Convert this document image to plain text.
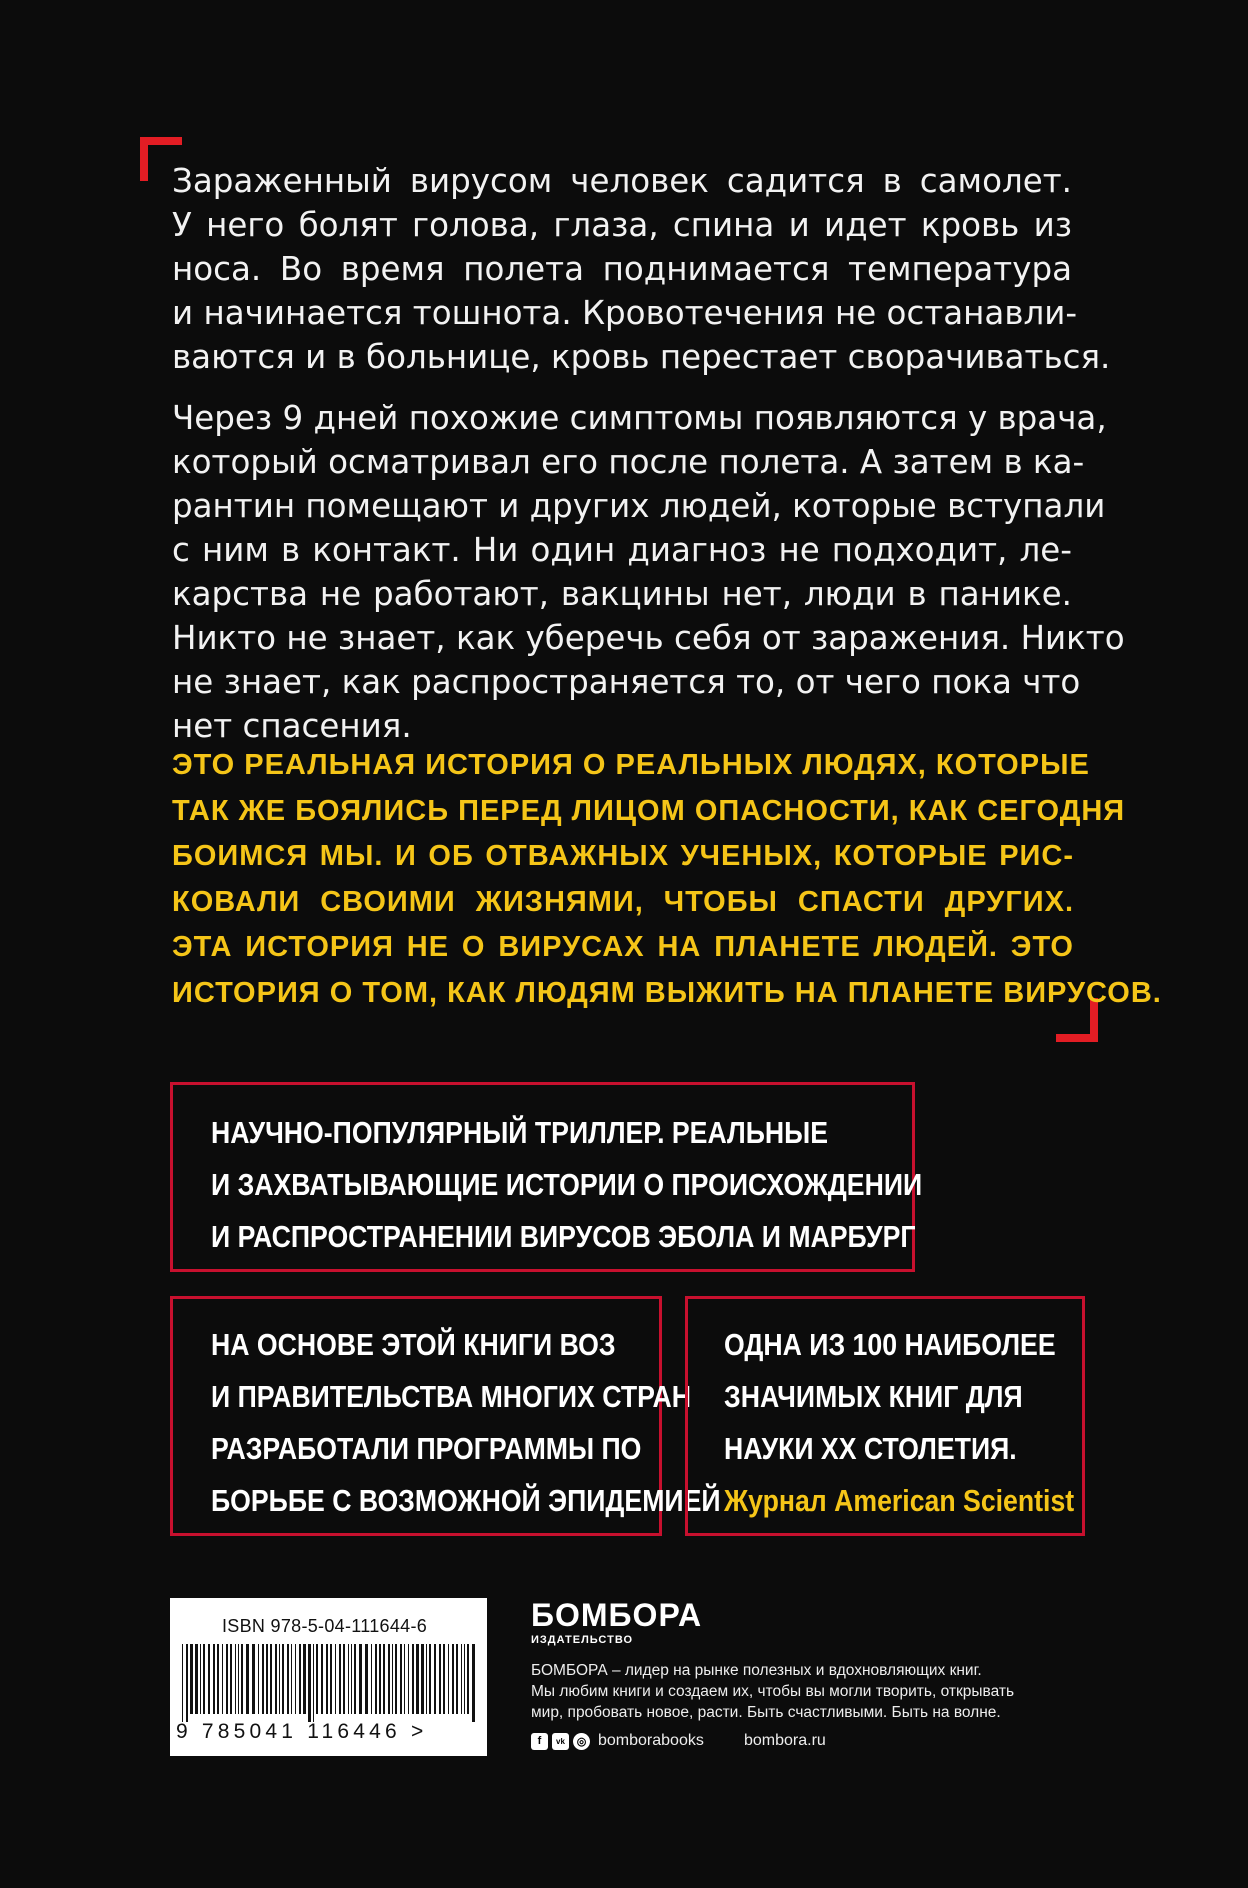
Зараженный вирусом человек садится в самолет.
У него болят голова, глаза, спина и идет кровь из
носа. Во время полета поднимается температура
и начинается тошнота. Кровотечения не останавли-
ваются и в больнице, кровь перестает сворачиваться.
Через 9 дней похожие симптомы появляются у врача,
который осматривал его после полета. А затем в ка-
рантин помещают и других людей, которые вступали
с ним в контакт. Ни один диагноз не подходит, ле-
карства не работают, вакцины нет, люди в панике.
Никто не знает, как уберечь себя от заражения. Никто
не знает, как распространяется то, от чего пока что
нет спасения.
ЭТО РЕАЛЬНАЯ ИСТОРИЯ О РЕАЛЬНЫХ ЛЮДЯХ, КОТОРЫЕ
ТАК ЖЕ БОЯЛИСЬ ПЕРЕД ЛИЦОМ ОПАСНОСТИ, КАК СЕГОДНЯ
БОИМСЯ МЫ. И ОБ ОТВАЖНЫХ УЧЕНЫХ, КОТОРЫЕ РИС-
КОВАЛИ СВОИМИ ЖИЗНЯМИ, ЧТОБЫ СПАСТИ ДРУГИХ.
ЭТА ИСТОРИЯ НЕ О ВИРУСАХ НА ПЛАНЕТЕ ЛЮДЕЙ. ЭТО
ИСТОРИЯ О ТОМ, КАК ЛЮДЯМ ВЫЖИТЬ НА ПЛАНЕТЕ ВИРУСОВ.
НАУЧНО-ПОПУЛЯРНЫЙ ТРИЛЛЕР. РЕАЛЬНЫЕ
И ЗАХВАТЫВАЮЩИЕ ИСТОРИИ О ПРОИСХОЖДЕНИИ
И РАСПРОСТРАНЕНИИ ВИРУСОВ ЭБОЛА И МАРБУРГ
НА ОСНОВЕ ЭТОЙ КНИГИ ВОЗ
И ПРАВИТЕЛЬСТВА МНОГИХ СТРАН
РАЗРАБОТАЛИ ПРОГРАММЫ ПО
БОРЬБЕ С ВОЗМОЖНОЙ ЭПИДЕМИЕЙ
ОДНА ИЗ 100 НАИБОЛЕЕ
ЗНАЧИМЫХ КНИГ ДЛЯ
НАУКИ XX СТОЛЕТИЯ.
Журнал American Scientist
ISBN 978-5-04-111644-6
9 785041 116446 >
БОМБОРА
ИЗДАТЕЛЬСТВО
БОМБОРА – лидер на рынке полезных и вдохновляющих книг.
Мы любим книги и создаем их, чтобы вы могли творить, открывать
мир, пробовать новое, расти. Быть счастливыми. Быть на волне.
f	vk	◎ bomborabooks	bombora.ru
